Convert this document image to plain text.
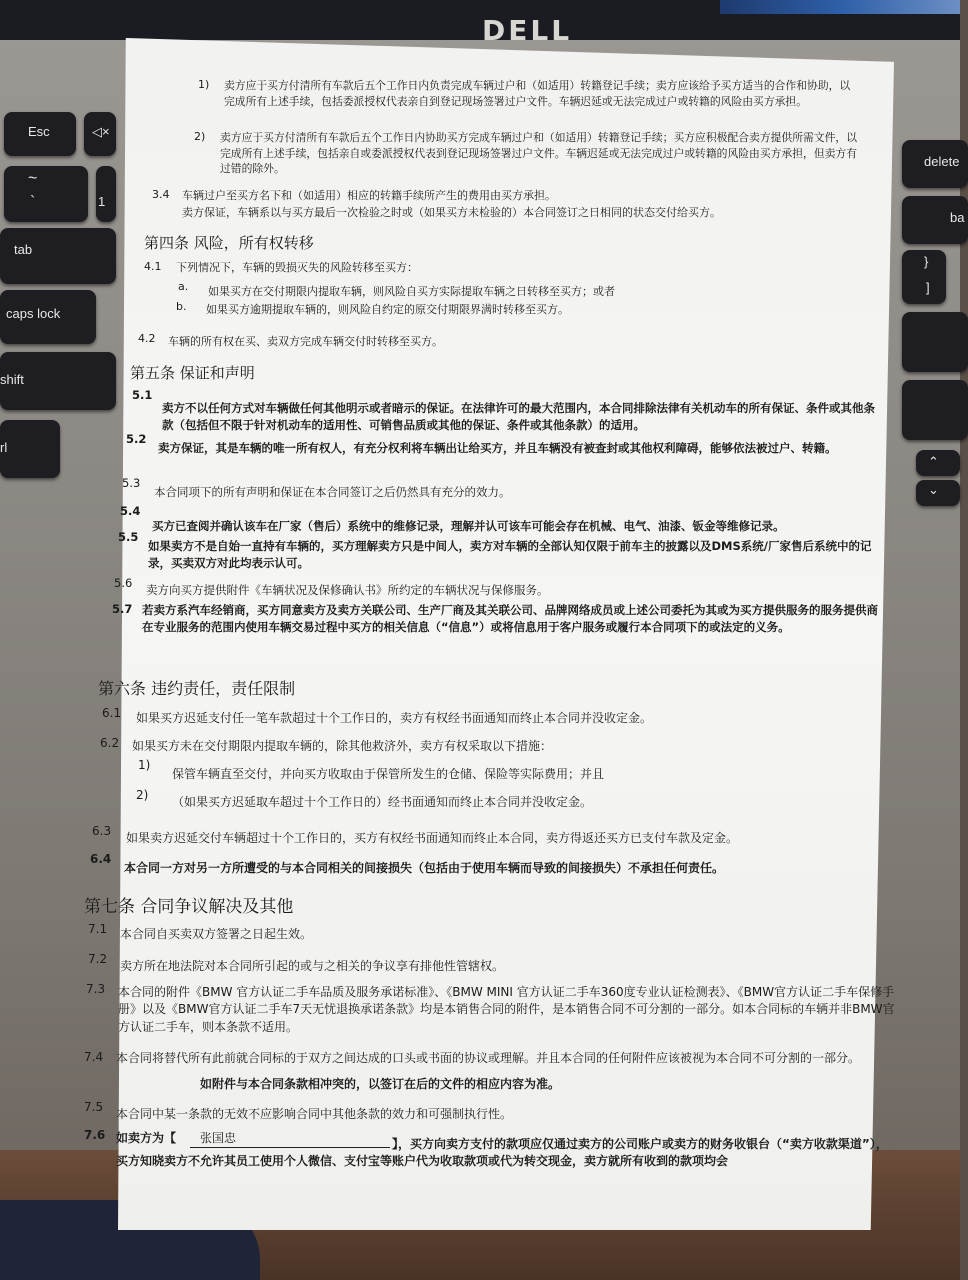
DELL
Esc	◁×
~
`	1
tab
caps lock
shift
rl
delete
ba
}
]
⌃
⌄
1) 卖方应于买方付清所有车款后五个工作日内负责完成车辆过户和（如适用）转籍登记手续；卖方应该给予买方适当的合作和协助，以完成所有上述手续，包括委派授权代表亲自到登记现场签署过户文件。车辆迟延或无法完成过户或转籍的风险由买方承担。
2) 卖方应于买方付清所有车款后五个工作日内协助买方完成车辆过户和（如适用）转籍登记手续；买方应积极配合卖方提供所需文件，以完成所有上述手续，包括亲自或委派授权代表到登记现场签署过户文件。车辆迟延或无法完成过户或转籍的风险由买方承担，但卖方有过错的除外。
3.4 车辆过户至买方名下和（如适用）相应的转籍手续所产生的费用由买方承担。
卖方保证，车辆系以与买方最后一次检验之时或（如果买方未检验的）本合同签订之日相同的状态交付给买方。
第四条 风险，所有权转移
4.1 下列情况下，车辆的毁损灭失的风险转移至买方：
a. 如果买方在交付期限内提取车辆，则风险自买方实际提取车辆之日转移至买方；或者
b. 如果买方逾期提取车辆的，则风险自约定的原交付期限界满时转移至买方。
4.2 车辆的所有权在买、卖双方完成车辆交付时转移至买方。
第五条 保证和声明
5.1
卖方不以任何方式对车辆做任何其他明示或者暗示的保证。在法律许可的最大范围内，本合同排除法律有关机动车的所有保证、条件或其他条款（包括但不限于针对机动车的适用性、可销售品质或其他的保证、条件或其他条款）的适用。
5.2
卖方保证，其是车辆的唯一所有权人，有充分权利将车辆出让给买方，并且车辆没有被查封或其他权利障碍，能够依法被过户、转籍。
5.3
本合同项下的所有声明和保证在本合同签订之后仍然具有充分的效力。
5.4
买方已查阅并确认该车在厂家（售后）系统中的维修记录，理解并认可该车可能会存在机械、电气、油漆、钣金等维修记录。
5.5
如果卖方不是自始一直持有车辆的，买方理解卖方只是中间人，卖方对车辆的全部认知仅限于前车主的披露以及DMS系统/厂家售后系统中的记录，买卖双方对此均表示认可。
5.6 卖方向买方提供附件《车辆状况及保修确认书》所约定的车辆状况与保修服务。
5.7 若卖方系汽车经销商，买方同意卖方及卖方关联公司、生产厂商及其关联公司、品牌网络成员或上述公司委托为其或为买方提供服务的服务提供商在专业服务的范围内使用车辆交易过程中买方的相关信息（“信息”）或将信息用于客户服务或履行本合同项下的或法定的义务。
第六条 违约责任，责任限制
6.1 如果买方迟延支付任一笔车款超过十个工作日的，卖方有权经书面通知而终止本合同并没收定金。
6.2 如果买方未在交付期限内提取车辆的，除其他救济外，卖方有权采取以下措施：
1)
保管车辆直至交付，并向买方收取由于保管所发生的仓储、保险等实际费用；并且
2) （如果买方迟延取车超过十个工作日的）经书面通知而终止本合同并没收定金。
6.3 如果卖方迟延交付车辆超过十个工作日的，买方有权经书面通知而终止本合同，卖方得返还买方已支付车款及定金。
6.4
本合同一方对另一方所遭受的与本合同相关的间接损失（包括由于使用车辆而导致的间接损失）不承担任何责任。
第七条 合同争议解决及其他
7.1 本合同自买卖双方签署之日起生效。
7.2 卖方所在地法院对本合同所引起的或与之相关的争议享有排他性管辖权。
7.3 本合同的附件《BMW 官方认证二手车品质及服务承诺标准》、《BMW MINI 官方认证二手车360度专业认证检测表》、《BMW官方认证二手车保修手册》以及《BMW官方认证二手车7天无忧退换承诺条款》均是本销售合同的附件，是本销售合同不可分割的一部分。如本合同标的车辆并非BMW官方认证二手车，则本条款不适用。
7.4 本合同将替代所有此前就合同标的于双方之间达成的口头或书面的协议或理解。并且本合同的任何附件应该被视为本合同不可分割的一部分。
如附件与本合同条款相冲突的，以签订在后的文件的相应内容为准。
7.5 本合同中某一条款的无效不应影响合同中其他条款的效力和可强制执行性。
7.6 如卖方为【	张国忠	】，买方向卖方支付的款项应仅通过卖方的公司账户或卖方的财务收银台（“卖方收款渠道”），买方知晓卖方不允许其员工使用个人微信、支付宝等账户代为收取款项或代为转交现金，卖方就所有收到的款项均会
